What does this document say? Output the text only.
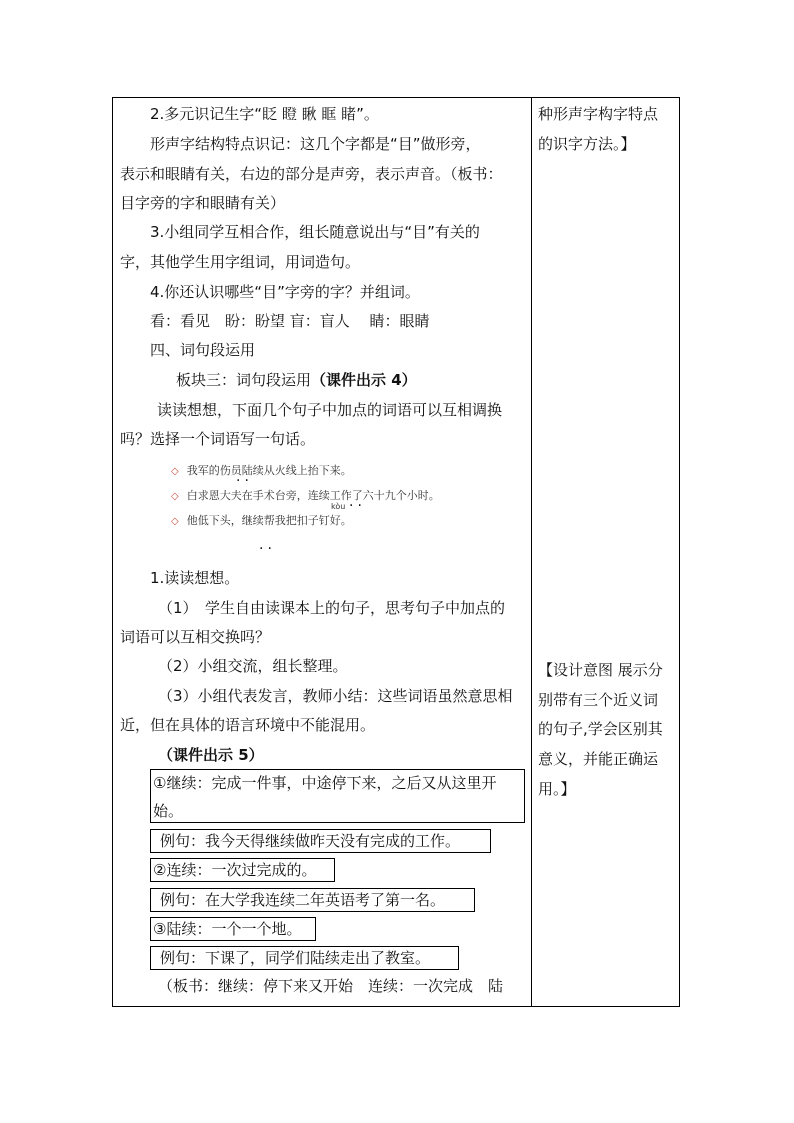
2.多元识记生字“眨 瞪 瞅 眶 睹”。
形声字结构特点识记：这几个字都是“目”做形旁，
表示和眼睛有关，右边的部分是声旁，表示声音。（板书：
目字旁的字和眼睛有关）
3.小组同学互相合作，组长随意说出与“目”有关的
字，其他学生用字组词，用词造句。
4.你还认识哪些“目”字旁的字？并组词。
看：看见　盼：盼望 盲：盲人　 睛：眼睛
四、词句段运用
板块三：词句段运用（课件出示 4）
读读想想，下面几个句子中加点的词语可以互相调换
吗？选择一个词语写一句话。
◇ 我军的伤员陆续从火线上抬下来。
··
◇ 白求恩大夫在手术台旁，连续工作了六十九个小时。
kòu ··
◇ 他低下头，继续帮我把扣子钉好。
··
1.读读想想。
（1）　学生自由读课本上的句子，思考句子中加点的
词语可以互相交换吗？
（2）小组交流，组长整理。
（3）小组代表发言，教师小结：这些词语虽然意思相
近，但在具体的语言环境中不能混用。
（课件出示 5）
①继续：完成一件事，中途停下来，之后又从这里开
始。
例句：我今天得继续做昨天没有完成的工作。
②连续：一次过完成的。
例句：在大学我连续二年英语考了第一名。
③陆续：一个一个地。
例句：下课了，同学们陆续走出了教室。
（板书：继续：停下来又开始　连续：一次完成　陆
种形声字构字特点
的识字方法。】
【设计意图 展示分
别带有三个近义词
的句子,学会区别其
意义，并能正确运
用。】
